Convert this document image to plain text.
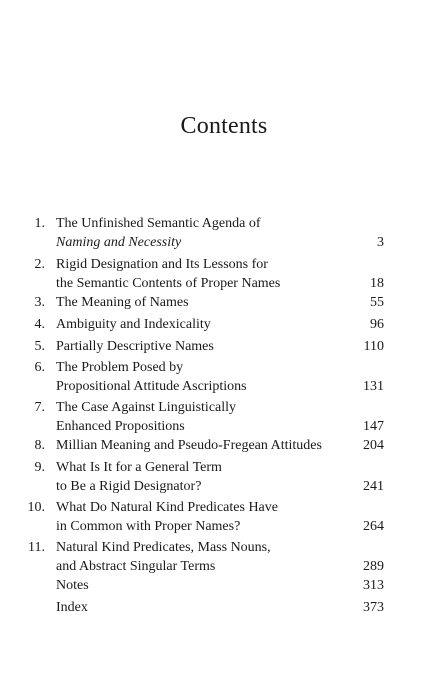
Contents
1. The Unfinished Semantic Agenda of
Naming and Necessity	3
2. Rigid Designation and Its Lessons for
the Semantic Contents of Proper Names	18
3. The Meaning of Names	55
4. Ambiguity and Indexicality	96
5. Partially Descriptive Names	110
6. The Problem Posed by
Propositional Attitude Ascriptions	131
7. The Case Against Linguistically
Enhanced Propositions	147
8. Millian Meaning and Pseudo-Fregean Attitudes	204
9. What Is It for a General Term
to Be a Rigid Designator?	241
10. What Do Natural Kind Predicates Have
in Common with Proper Names?	264
11. Natural Kind Predicates, Mass Nouns,
and Abstract Singular Terms	289
Notes	313
Index	373
